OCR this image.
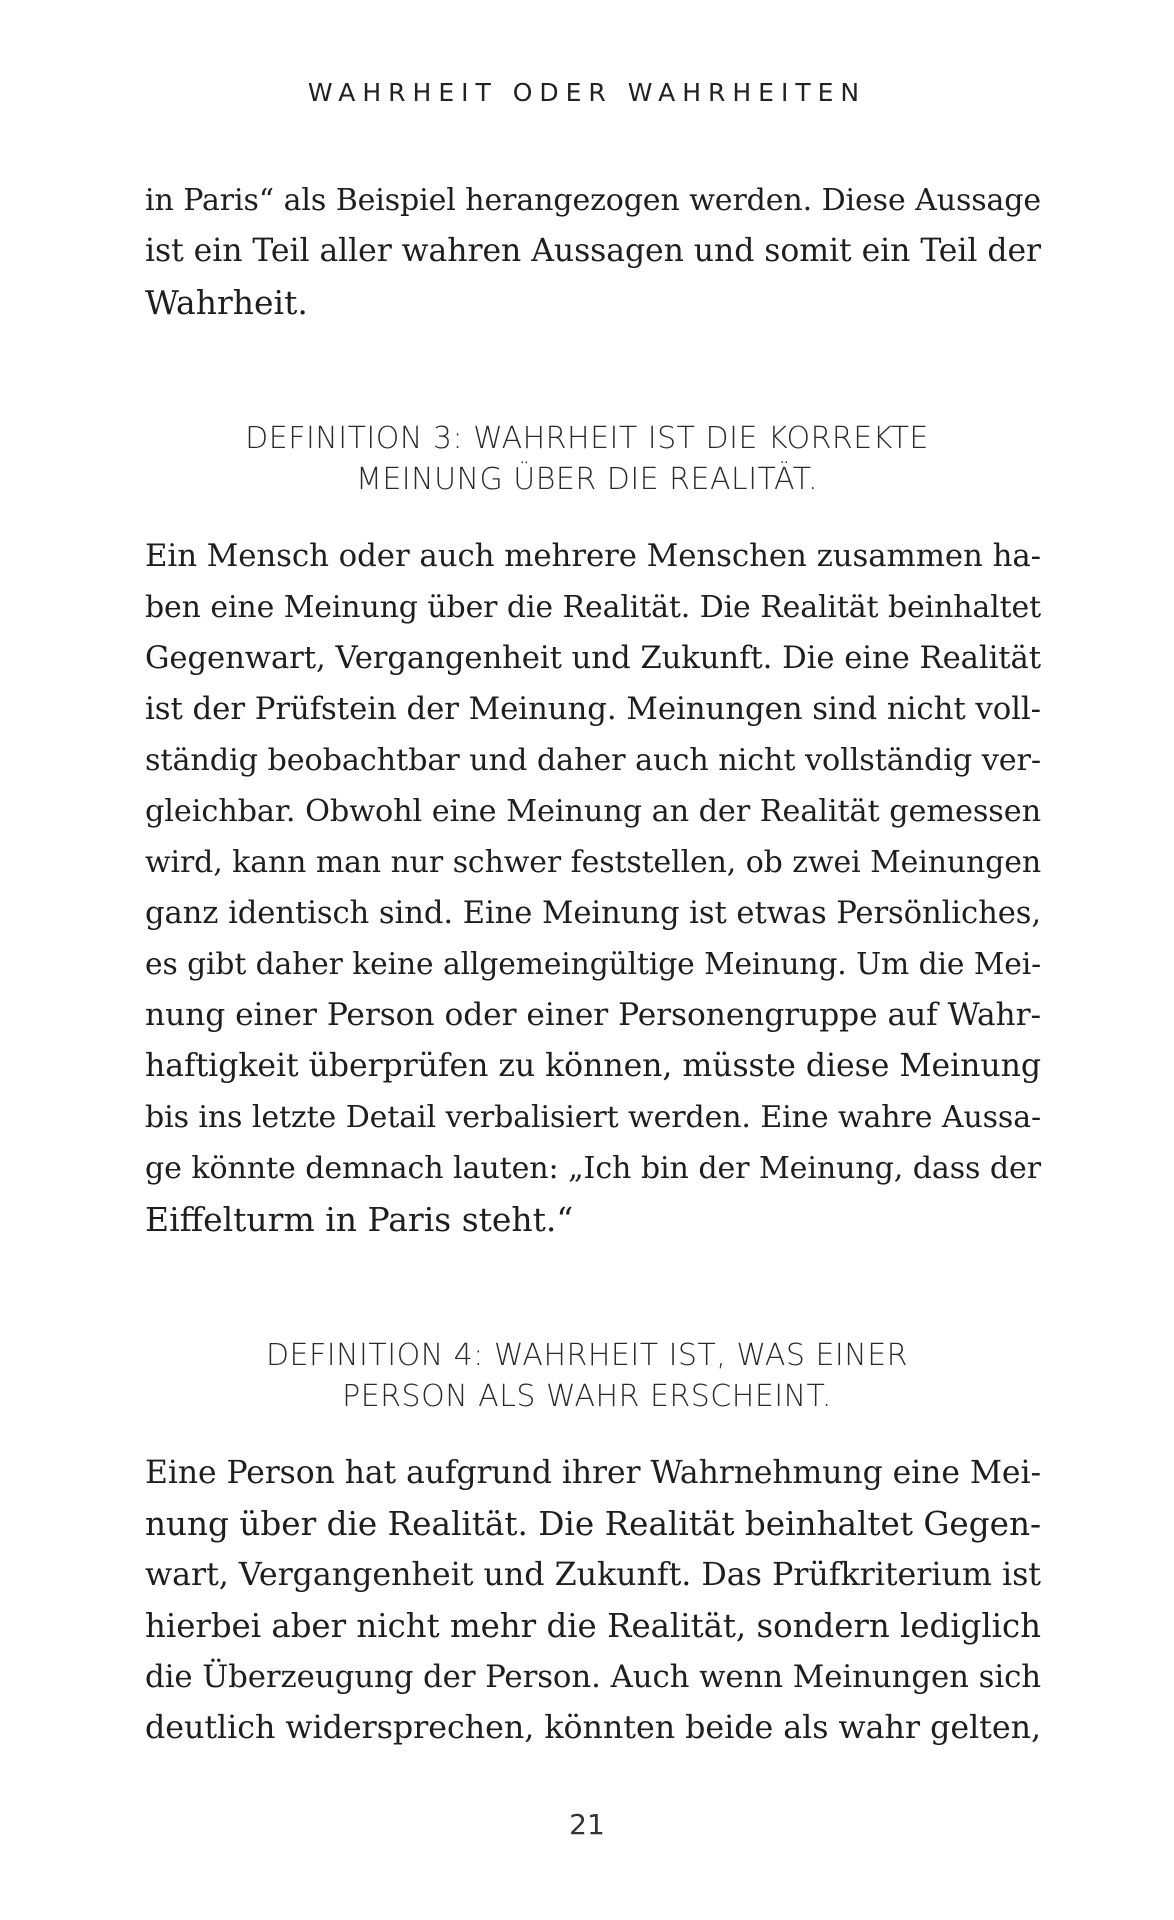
WAHRHEIT ODER WAHRHEITEN
in Paris“ als Beispiel herangezogen werden. Diese Aussage
ist ein Teil aller wahren Aussagen und somit ein Teil der
Wahrheit.
DEFINITION 3: WAHRHEIT IST DIE KORREKTE
MEINUNG ÜBER DIE REALITÄT.
Ein Mensch oder auch mehrere Menschen zusammen ha-
ben eine Meinung über die Realität. Die Realität beinhaltet
Gegenwart, Vergangenheit und Zukunft. Die eine Realität
ist der Prüfstein der Meinung. Meinungen sind nicht voll-
ständig beobachtbar und daher auch nicht vollständig ver-
gleichbar. Obwohl eine Meinung an der Realität gemessen
wird, kann man nur schwer feststellen, ob zwei Meinungen
ganz identisch sind. Eine Meinung ist etwas Persönliches,
es gibt daher keine allgemeingültige Meinung. Um die Mei-
nung einer Person oder einer Personengruppe auf Wahr-
haftigkeit überprüfen zu können, müsste diese Meinung
bis ins letzte Detail verbalisiert werden. Eine wahre Aussa-
ge könnte demnach lauten: „Ich bin der Meinung, dass der
Eiffelturm in Paris steht.“
DEFINITION 4: WAHRHEIT IST, WAS EINER
PERSON ALS WAHR ERSCHEINT.
Eine Person hat aufgrund ihrer Wahrnehmung eine Mei-
nung über die Realität. Die Realität beinhaltet Gegen-
wart, Vergangenheit und Zukunft. Das Prüfkriterium ist
hierbei aber nicht mehr die Realität, sondern lediglich
die Überzeugung der Person. Auch wenn Meinungen sich
deutlich widersprechen, könnten beide als wahr gelten,
21
